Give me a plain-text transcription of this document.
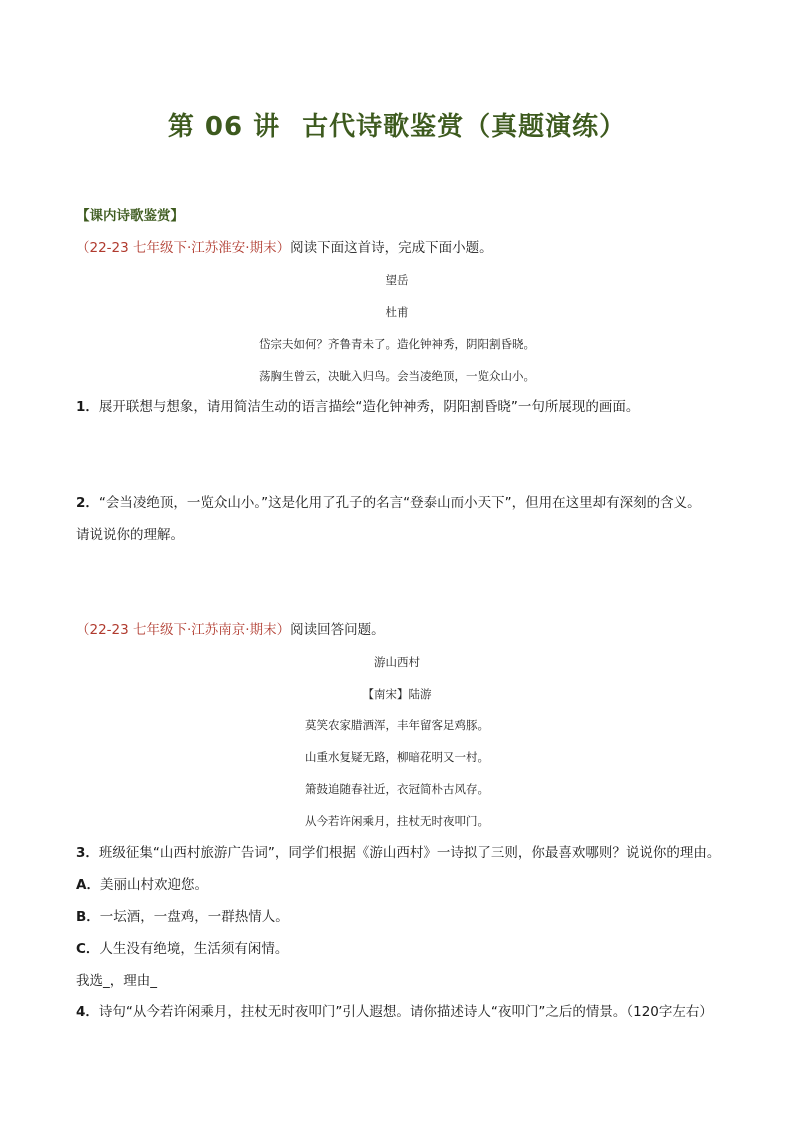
第 06 讲 古代诗歌鉴赏（真题演练）
【课内诗歌鉴赏】
（22-23 七年级下·江苏淮安·期末）阅读下面这首诗，完成下面小题。
望岳
杜甫
岱宗夫如何？齐鲁青未了。造化钟神秀，阴阳割昏晓。
荡胸生曾云，决眦入归鸟。会当凌绝顶，一览众山小。
1．展开联想与想象，请用简洁生动的语言描绘“造化钟神秀，阴阳割昏晓”一句所展现的画面。
2．“会当凌绝顶，一览众山小。”这是化用了孔子的名言“登泰山而小天下”，但用在这里却有深刻的含义。
请说说你的理解。
（22-23 七年级下·江苏南京·期末）阅读回答问题。
游山西村
【南宋】陆游
莫笑农家腊酒浑，丰年留客足鸡豚。
山重水复疑无路，柳暗花明又一村。
箫鼓追随春社近，衣冠简朴古风存。
从今若许闲乘月，拄杖无时夜叩门。
3．班级征集“山西村旅游广告词”，同学们根据《游山西村》一诗拟了三则，你最喜欢哪则？说说你的理由。
A．美丽山村欢迎您。
B．一坛酒，一盘鸡，一群热情人。
C．人生没有绝境，生活须有闲情。
我选_，理由_
4．诗句“从今若许闲乘月，拄杖无时夜叩门”引人遐想。请你描述诗人“夜叩门”之后的情景。（120字左右）
